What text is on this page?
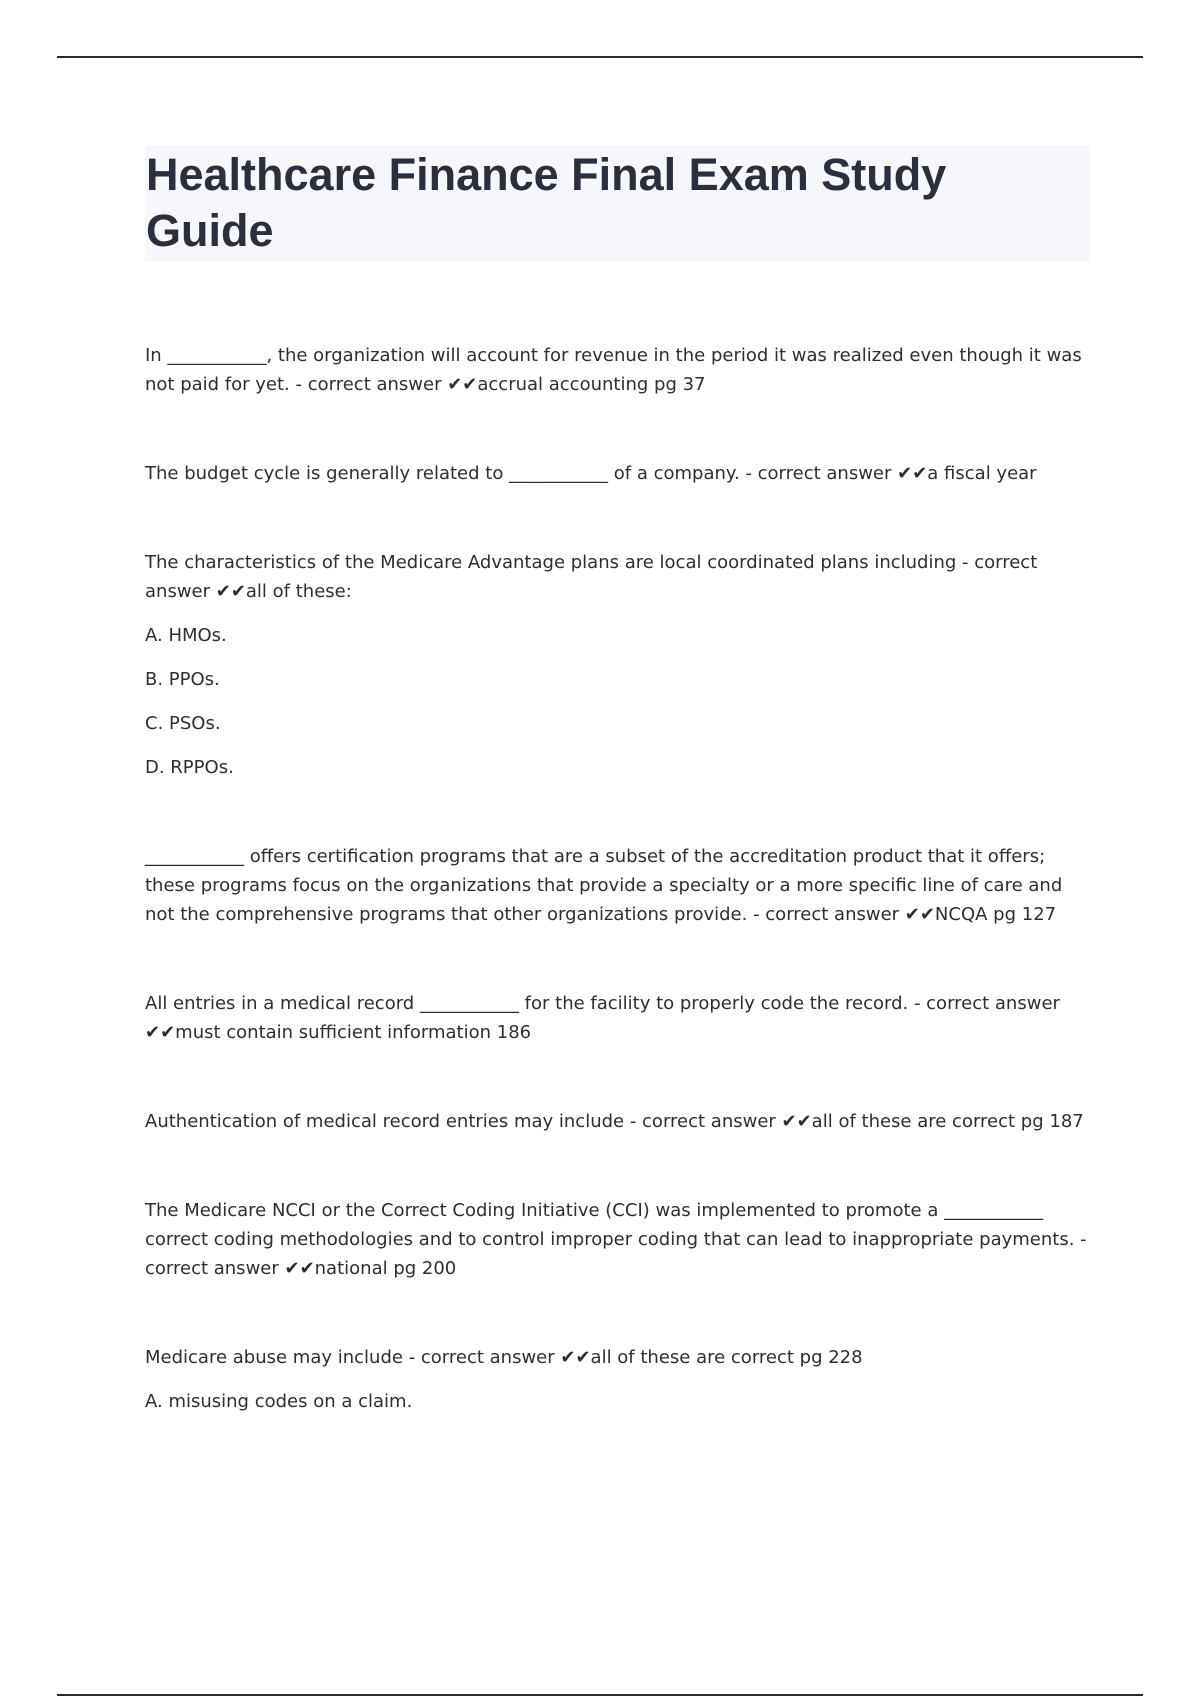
Healthcare Finance Final Exam Study Guide

In ___________, the organization will account for revenue in the period it was realized even though it was not paid for yet. - correct answer ✔✔accrual accounting pg 37

The budget cycle is generally related to ___________ of a company. - correct answer ✔✔a fiscal year

The characteristics of the Medicare Advantage plans are local coordinated plans including - correct answer ✔✔all of these:

A. HMOs.

B. PPOs.

C. PSOs.

D. RPPOs.

___________ offers certification programs that are a subset of the accreditation product that it offers; these programs focus on the organizations that provide a specialty or a more specific line of care and not the comprehensive programs that other organizations provide. - correct answer ✔✔NCQA pg 127

All entries in a medical record ___________ for the facility to properly code the record. - correct answer ✔✔must contain sufficient information 186

Authentication of medical record entries may include - correct answer ✔✔all of these are correct pg 187

The Medicare NCCI or the Correct Coding Initiative (CCI) was implemented to promote a ___________ correct coding methodologies and to control improper coding that can lead to inappropriate payments. - correct answer ✔✔national pg 200

Medicare abuse may include - correct answer ✔✔all of these are correct pg 228

A. misusing codes on a claim.
